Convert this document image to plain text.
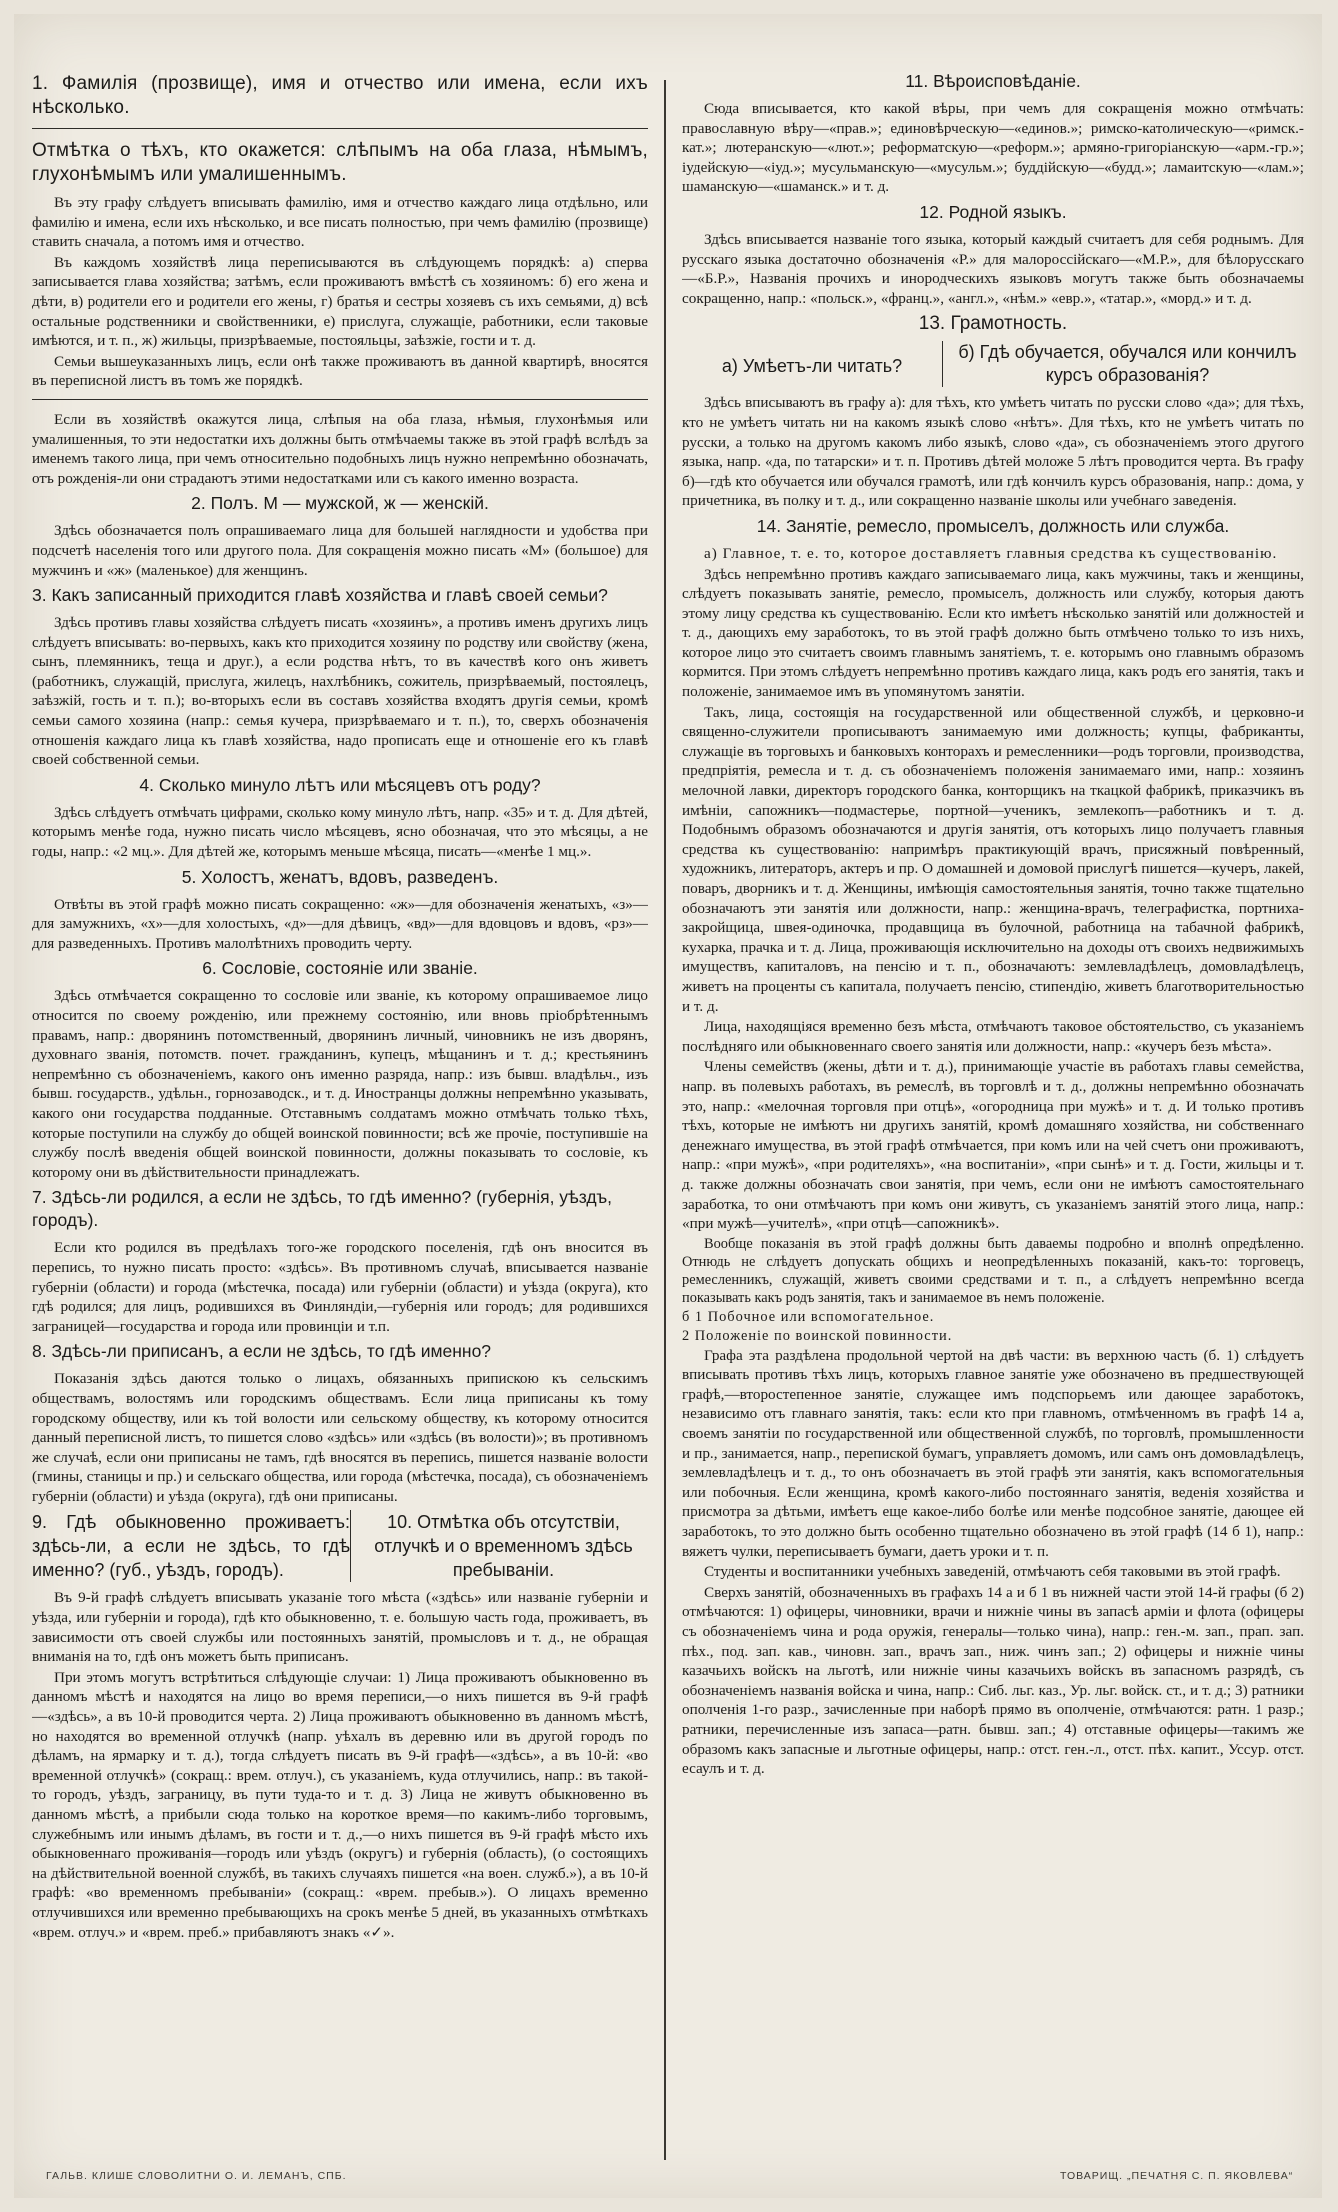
1. Фамилія (прозвище), имя и отчество или имена, если ихъ нѣсколько.
Отмѣтка о тѣхъ, кто окажется: слѣпымъ на оба глаза, нѣмымъ, глухонѣмымъ или умалишеннымъ.

Въ эту графу слѣдуетъ вписывать фамилію, имя и отчество каждаго лица отдѣльно, или фамилію и имена, если ихъ нѣсколько, и все писать полностью, при чемъ фамилію (прозвище) ставить сначала, а потомъ имя и отчество.

Въ каждомъ хозяйствѣ лица переписываются въ слѣдующемъ порядкѣ: а) сперва записывается глава хозяйства; затѣмъ, если проживаютъ вмѣстѣ съ хозяиномъ: б) его жена и дѣти, в) родители его и родители его жены, г) братья и сестры хозяевъ съ ихъ семьями, д) всѣ остальные родственники и свойственники, е) прислуга, служащіе, работники, если таковые имѣются, и т. п., ж) жильцы, призрѣваемые, постояльцы, заѣзжіе, гости и т. д.

Семьи вышеуказанныхъ лицъ, если онѣ также проживаютъ въ данной квартирѣ, вносятся въ переписной листъ въ томъ же порядкѣ.

Если въ хозяйствѣ окажутся лица, слѣпыя на оба глаза, нѣмыя, глухонѣмыя или умалишенныя, то эти недостатки ихъ должны быть отмѣчаемы также въ этой графѣ вслѣдъ за именемъ такого лица, при чемъ относительно подобныхъ лицъ нужно непремѣнно обозначать, отъ рожденія-ли они страдаютъ этими недостатками или съ какого именно возраста.

2. Полъ. М — мужской, ж — женскій.

Здѣсь обозначается полъ опрашиваемаго лица для большей наглядности и удобства при подсчетѣ населенія того или другого пола. Для сокращенія можно писать «М» (большое) для мужчинъ и «ж» (маленькое) для женщинъ.

3. Какъ записанный приходится главѣ хозяйства и главѣ своей семьи?

Здѣсь противъ главы хозяйства слѣдуетъ писать «хозяинъ», а противъ именъ другихъ лицъ слѣдуетъ вписывать: во-первыхъ, какъ кто приходится хозяину по родству или свойству (жена, сынъ, племянникъ, теща и друг.), а если родства нѣтъ, то въ качествѣ кого онъ живетъ (работникъ, служащій, прислуга, жилецъ, нахлѣбникъ, сожитель, призрѣваемый, постоялецъ, заѣзжій, гость и т. п.); во-вторыхъ если въ составъ хозяйства входятъ другія семьи, кромѣ семьи самого хозяина (напр.: семья кучера, призрѣваемаго и т. п.), то, сверхъ обозначенія отношенія каждаго лица къ главѣ хозяйства, надо прописать еще и отношеніе его къ главѣ своей собственной семьи.

4. Сколько минуло лѣтъ или мѣсяцевъ отъ роду?

Здѣсь слѣдуетъ отмѣчать цифрами, сколько кому минуло лѣтъ, напр. «35» и т. д. Для дѣтей, которымъ менѣе года, нужно писать число мѣсяцевъ, ясно обозначая, что это мѣсяцы, а не годы, напр.: «2 мц.». Для дѣтей же, которымъ меньше мѣсяца, писать—«менѣе 1 мц.».

5. Холостъ, женатъ, вдовъ, разведенъ.

Отвѣты въ этой графѣ можно писать сокращенно: «ж»—для обозначенія женатыхъ, «з»—для замужнихъ, «х»—для холостыхъ, «д»—для дѣвицъ, «вд»—для вдовцовъ и вдовъ, «рз»—для разведенныхъ. Противъ малолѣтнихъ проводить черту.

6. Сословіе, состояніе или званіе.

Здѣсь отмѣчается сокращенно то сословіе или званіе, къ которому опрашиваемое лицо относится по своему рожденію, или прежнему состоянію, или вновь пріобрѣтеннымъ правамъ, напр.: дворянинъ потомственный, дворянинъ личный, чиновникъ не изъ дворянъ, духовнаго званія, потомств. почет. гражданинъ, купецъ, мѣщанинъ и т. д.; крестьянинъ непремѣнно съ обозначеніемъ, какого онъ именно разряда, напр.: изъ бывш. владѣльч., изъ бывш. государств., удѣльн., горнозаводск., и т. д. Иностранцы должны непремѣнно указывать, какого они государства подданные. Отставнымъ солдатамъ можно отмѣчать только тѣхъ, которые поступили на службу до общей воинской повинности; всѣ же прочіе, поступившіе на службу послѣ введенія общей воинской повинности, должны показывать то сословіе, къ которому они въ дѣйствительности принадлежатъ.

7. Здѣсь-ли родился, а если не здѣсь, то гдѣ именно? (губернія, уѣздъ, городъ).

Если кто родился въ предѣлахъ того-же городского поселенія, гдѣ онъ вносится въ перепись, то нужно писать просто: «здѣсь». Въ противномъ случаѣ, вписывается названіе губерніи (области) и города (мѣстечка, посада) или губерніи (области) и уѣзда (округа), кто гдѣ родился; для лицъ, родившихся въ Финляндіи,—губернія или городъ; для родившихся заграницей—государства и города или провинціи и т.п.

8. Здѣсь-ли приписанъ, а если не здѣсь, то гдѣ именно?

Показанія здѣсь даются только о лицахъ, обязанныхъ припискою къ сельскимъ обществамъ, волостямъ или городскимъ обществамъ. Если лица приписаны къ тому городскому обществу, или къ той волости или сельскому обществу, къ которому относится данный переписной листъ, то пишется слово «здѣсь» или «здѣсь (въ волости)»; въ противномъ же случаѣ, если они приписаны не тамъ, гдѣ вносятся въ перепись, пишется названіе волости (гмины, станицы и пр.) и сельскаго общества, или города (мѣстечка, посада), съ обозначеніемъ губерніи (области) и уѣзда (округа), гдѣ они приписаны.

9. Гдѣ обыкновенно проживаетъ: здѣсь-ли, а если не здѣсь, то гдѣ именно? (губ., уѣздъ, городъ).
10. Отмѣтка объ отсутствіи, отлучкѣ и о временномъ здѣсь пребываніи.

Въ 9-й графѣ слѣдуетъ вписывать указаніе того мѣста («здѣсь» или названіе губерніи и уѣзда, или губерніи и города), гдѣ кто обыкновенно, т. е. большую часть года, проживаетъ, въ зависимости отъ своей службы или постоянныхъ занятій, промысловъ и т. д., не обращая вниманія на то, гдѣ онъ можетъ быть приписанъ.

При этомъ могутъ встрѣтиться слѣдующіе случаи: 1) Лица проживаютъ обыкновенно въ данномъ мѣстѣ и находятся на лицо во время переписи,—о нихъ пишется въ 9-й графѣ—«здѣсь», а въ 10-й проводится черта. 2) Лица проживаютъ обыкновенно въ данномъ мѣстѣ, но находятся во временной отлучкѣ (напр. уѣхалъ въ деревню или въ другой городъ по дѣламъ, на ярмарку и т. д.), тогда слѣдуетъ писать въ 9-й графѣ—«здѣсь», а въ 10-й: «во временной отлучкѣ» (сокращ.: врем. отлуч.), съ указаніемъ, куда отлучились, напр.: въ такой-то городъ, уѣздъ, заграницу, въ пути туда-то и т. д. 3) Лица не живутъ обыкновенно въ данномъ мѣстѣ, а прибыли сюда только на короткое время—по какимъ-либо торговымъ, служебнымъ или инымъ дѣламъ, въ гости и т. д.,—о нихъ пишется въ 9-й графѣ мѣсто ихъ обыкновеннаго проживанія—городъ или уѣздъ (округъ) и губернія (область), (о состоящихъ на дѣйствительной военной службѣ, въ такихъ случаяхъ пишется «на воен. служб.»), а въ 10-й графѣ: «во временномъ пребываніи» (сокращ.: «врем. пребыв.»). О лицахъ временно отлучившихся или временно пребывающихъ на срокъ менѣе 5 дней, въ указанныхъ отмѣткахъ «врем. отлуч.» и «врем. преб.» прибавляютъ знакъ «✓».

11. Вѣроисповѣданіе.

Сюда вписывается, кто какой вѣры, при чемъ для сокращенія можно отмѣчать: православную вѣру—«прав.»; единовѣрческую—«единов.»; римско-католическую—«римск.-кат.»; лютеранскую—«лют.»; реформатскую—«реформ.»; армяно-григоріанскую—«арм.-гр.»; іудейскую—«іуд.»; мусульманскую—«мусульм.»; буддійскую—«будд.»; ламаитскую—«лам.»; шаманскую—«шаманск.» и т. д.

12. Родной языкъ.

Здѣсь вписывается названіе того языка, который каждый считаетъ для себя роднымъ. Для русскаго языка достаточно обозначенія «Р.» для малороссійскаго—«М.Р.», для бѣлорусскаго—«Б.Р.», Названія прочихъ и инородческихъ языковъ могутъ также быть обозначаемы сокращенно, напр.: «польск.», «франц.», «англ.», «нѣм.» «евр.», «татар.», «морд.» и т. д.

13. Грамотность.
а) Умѣетъ-ли читать?
б) Гдѣ обучается, обучался или кончилъ курсъ образованія?

Здѣсь вписываютъ въ графу а): для тѣхъ, кто умѣетъ читать по русски слово «да»; для тѣхъ, кто не умѣетъ читать ни на какомъ языкѣ слово «нѣтъ». Для тѣхъ, кто не умѣетъ читать по русски, а только на другомъ какомъ либо языкѣ, слово «да», съ обозначеніемъ этого другого языка, напр. «да, по татарски» и т. п. Противъ дѣтей моложе 5 лѣтъ проводится черта. Въ графу б)—гдѣ кто обучается или обучался грамотѣ, или гдѣ кончилъ курсъ образованія, напр.: дома, у причетника, въ полку и т. д., или сокращенно названіе школы или учебнаго заведенія.

14. Занятіе, ремесло, промыселъ, должность или служба.

а) Главное, т. е. то, которое доставляетъ главныя средства къ существованію.

Здѣсь непремѣнно противъ каждаго записываемаго лица, какъ мужчины, такъ и женщины, слѣдуетъ показывать занятіе, ремесло, промыселъ, должность или службу, которыя даютъ этому лицу средства къ существованію. Если кто имѣетъ нѣсколько занятій или должностей и т. д., дающихъ ему заработокъ, то въ этой графѣ должно быть отмѣчено только то изъ нихъ, которое лицо это считаетъ своимъ главнымъ занятіемъ, т. е. которымъ оно главнымъ образомъ кормится. При этомъ слѣдуетъ непремѣнно противъ каждаго лица, какъ родъ его занятія, такъ и положеніе, занимаемое имъ въ упомянутомъ занятіи.

Такъ, лица, состоящія на государственной или общественной службѣ, и церковно-и священно-служители прописываютъ занимаемую ими должность; купцы, фабриканты, служащіе въ торговыхъ и банковыхъ конторахъ и ремесленники—родъ торговли, производства, предпріятія, ремесла и т. д. съ обозначеніемъ положенія занимаемаго ими, напр.: хозяинъ мелочной лавки, директоръ городского банка, конторщикъ на ткацкой фабрикѣ, приказчикъ въ имѣніи, сапожникъ—подмастерье, портной—ученикъ, землекопъ—работникъ и т. д. Подобнымъ образомъ обозначаются и другія занятія, отъ которыхъ лицо получаетъ главныя средства къ существованію: напримѣръ практикующій врачъ, присяжный повѣренный, художникъ, литераторъ, актеръ и пр. О домашней и домовой прислугѣ пишется—кучеръ, лакей, поваръ, дворникъ и т. д. Женщины, имѣющія самостоятельныя занятія, точно также тщательно обозначаютъ эти занятія или должности, напр.: женщина-врачъ, телеграфистка, портниха-закройщица, швея-одиночка, продавщица въ булочной, работница на табачной фабрикѣ, кухарка, прачка и т. д. Лица, проживающія исключительно на доходы отъ своихъ недвижимыхъ имуществъ, капиталовъ, на пенсію и т. п., обозначаютъ: землевладѣлецъ, домовладѣлецъ, живетъ на проценты съ капитала, получаетъ пенсію, стипендію, живетъ благотворительностью и т. д.

Лица, находящіяся временно безъ мѣста, отмѣчаютъ таковое обстоятельство, съ указаніемъ послѣдняго или обыкновеннаго своего занятія или должности, напр.: «кучеръ безъ мѣста».

Члены семействъ (жены, дѣти и т. д.), принимающіе участіе въ работахъ главы семейства, напр. въ полевыхъ работахъ, въ ремеслѣ, въ торговлѣ и т. д., должны непремѣнно обозначать это, напр.: «мелочная торговля при отцѣ», «огородница при мужѣ» и т. д. И только противъ тѣхъ, которые не имѣютъ ни другихъ занятій, кромѣ домашняго хозяйства, ни собственнаго денежнаго имущества, въ этой графѣ отмѣчается, при комъ или на чей счетъ они проживаютъ, напр.: «при мужѣ», «при родителяхъ», «на воспитаніи», «при сынѣ» и т. д. Гости, жильцы и т. д. также должны обозначать свои занятія, при чемъ, если они не имѣютъ самостоятельнаго заработка, то они отмѣчаютъ при комъ они живутъ, съ указаніемъ занятій этого лица, напр.: «при мужѣ—учителѣ», «при отцѣ—сапожникѣ».

Вообще показанія въ этой графѣ должны быть даваемы подробно и вполнѣ опредѣленно. Отнюдь не слѣдуетъ допускать общихъ и неопредѣленныхъ показаній, какъ-то: торговецъ, ремесленникъ, служащій, живетъ своими средствами и т. п., а слѣдуетъ непремѣнно всегда показывать какъ родъ занятія, такъ и занимаемое въ немъ положеніе.

б 1 Побочное или вспомогательное.

2 Положеніе по воинской повинности.

Графа эта раздѣлена продольной чертой на двѣ части: въ верхнюю часть (б. 1) слѣдуетъ вписывать противъ тѣхъ лицъ, которыхъ главное занятіе уже обозначено въ предшествующей графѣ,—второстепенное занятіе, служащее имъ подспорьемъ или дающее заработокъ, независимо отъ главнаго занятія, такъ: если кто при главномъ, отмѣченномъ въ графѣ 14 а, своемъ занятіи по государственной или общественной службѣ, по торговлѣ, промышленности и пр., занимается, напр., перепиской бумагъ, управляетъ домомъ, или самъ онъ домовладѣлецъ, землевладѣлецъ и т. д., то онъ обозначаетъ въ этой графѣ эти занятія, какъ вспомогательныя или побочныя. Если женщина, кромѣ какого-либо постояннаго занятія, веденія хозяйства и присмотра за дѣтьми, имѣетъ еще какое-либо болѣе или менѣе подсобное занятіе, дающее ей заработокъ, то это должно быть особенно тщательно обозначено въ этой графѣ (14 б 1), напр.: вяжетъ чулки, переписываетъ бумаги, даетъ уроки и т. п.

Студенты и воспитанники учебныхъ заведеній, отмѣчаютъ себя таковыми въ этой графѣ.

Сверхъ занятій, обозначенныхъ въ графахъ 14 а и б 1 въ нижней части этой 14-й графы (б 2) отмѣчаются: 1) офицеры, чиновники, врачи и нижніе чины въ запасѣ арміи и флота (офицеры съ обозначеніемъ чина и рода оружія, генералы—только чина), напр.: ген.-м. зап., прап. зап. пѣх., под. зап. кав., чиновн. зап., врачъ зап., ниж. чинъ зап.; 2) офицеры и нижніе чины казачьихъ войскъ на льготѣ, или нижніе чины казачьихъ войскъ въ запасномъ разрядѣ, съ обозначеніемъ названія войска и чина, напр.: Сиб. льг. каз., Ур. льг. войск. ст., и т. д.; 3) ратники ополченія 1-го разр., зачисленные при наборѣ прямо въ ополченіе, отмѣчаются: ратн. 1 разр.; ратники, перечисленные изъ запаса—ратн. бывш. зап.; 4) отставные офицеры—такимъ же образомъ какъ запасные и льготные офицеры, напр.: отст. ген.-л., отст. пѣх. капит., Уссур. отст. есаулъ и т. д.

ГАЛЬВ. КЛИШЕ СЛОВОЛИТНИ О. И. ЛЕМАНЪ, СПБ.	ТОВАРИЩ. „ПЕЧАТНЯ С. П. ЯКОВЛЕВА“
